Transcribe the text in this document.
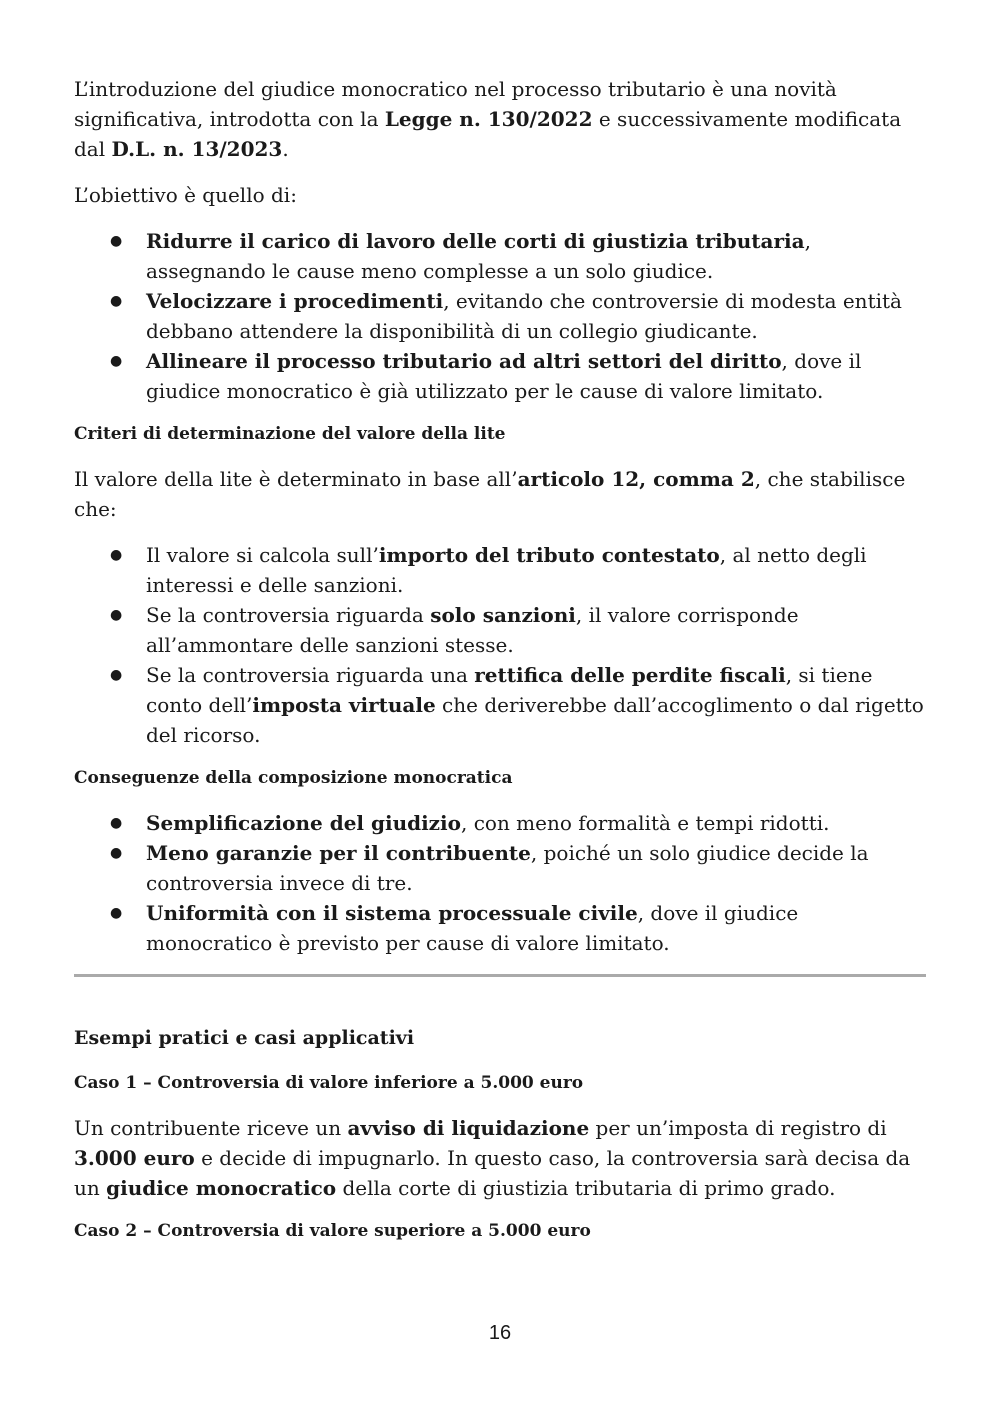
L’introduzione del giudice monocratico nel processo tributario è una novità significativa, introdotta con la Legge n. 130/2022 e successivamente modificata dal D.L. n. 13/2023.

L’obiettivo è quello di:

● Ridurre il carico di lavoro delle corti di giustizia tributaria, assegnando le cause meno complesse a un solo giudice.
● Velocizzare i procedimenti, evitando che controversie di modesta entità debbano attendere la disponibilità di un collegio giudicante.
● Allineare il processo tributario ad altri settori del diritto, dove il giudice monocratico è già utilizzato per le cause di valore limitato.
Criteri di determinazione del valore della lite

Il valore della lite è determinato in base all’articolo 12, comma 2, che stabilisce che:

● Il valore si calcola sull’importo del tributo contestato, al netto degli interessi e delle sanzioni.
● Se la controversia riguarda solo sanzioni, il valore corrisponde all’ammontare delle sanzioni stesse.
● Se la controversia riguarda una rettifica delle perdite fiscali, si tiene conto dell’imposta virtuale che deriverebbe dall’accoglimento o dal rigetto del ricorso.
Conseguenze della composizione monocratica
● Semplificazione del giudizio, con meno formalità e tempi ridotti.
● Meno garanzie per il contribuente, poiché un solo giudice decide la controversia invece di tre.
● Uniformità con il sistema processuale civile, dove il giudice monocratico è previsto per cause di valore limitato.
Esempi pratici e casi applicativi
Caso 1 – Controversia di valore inferiore a 5.000 euro

Un contribuente riceve un avviso di liquidazione per un’imposta di registro di 3.000 euro e decide di impugnarlo. In questo caso, la controversia sarà decisa da un giudice monocratico della corte di giustizia tributaria di primo grado.

Caso 2 – Controversia di valore superiore a 5.000 euro
16
